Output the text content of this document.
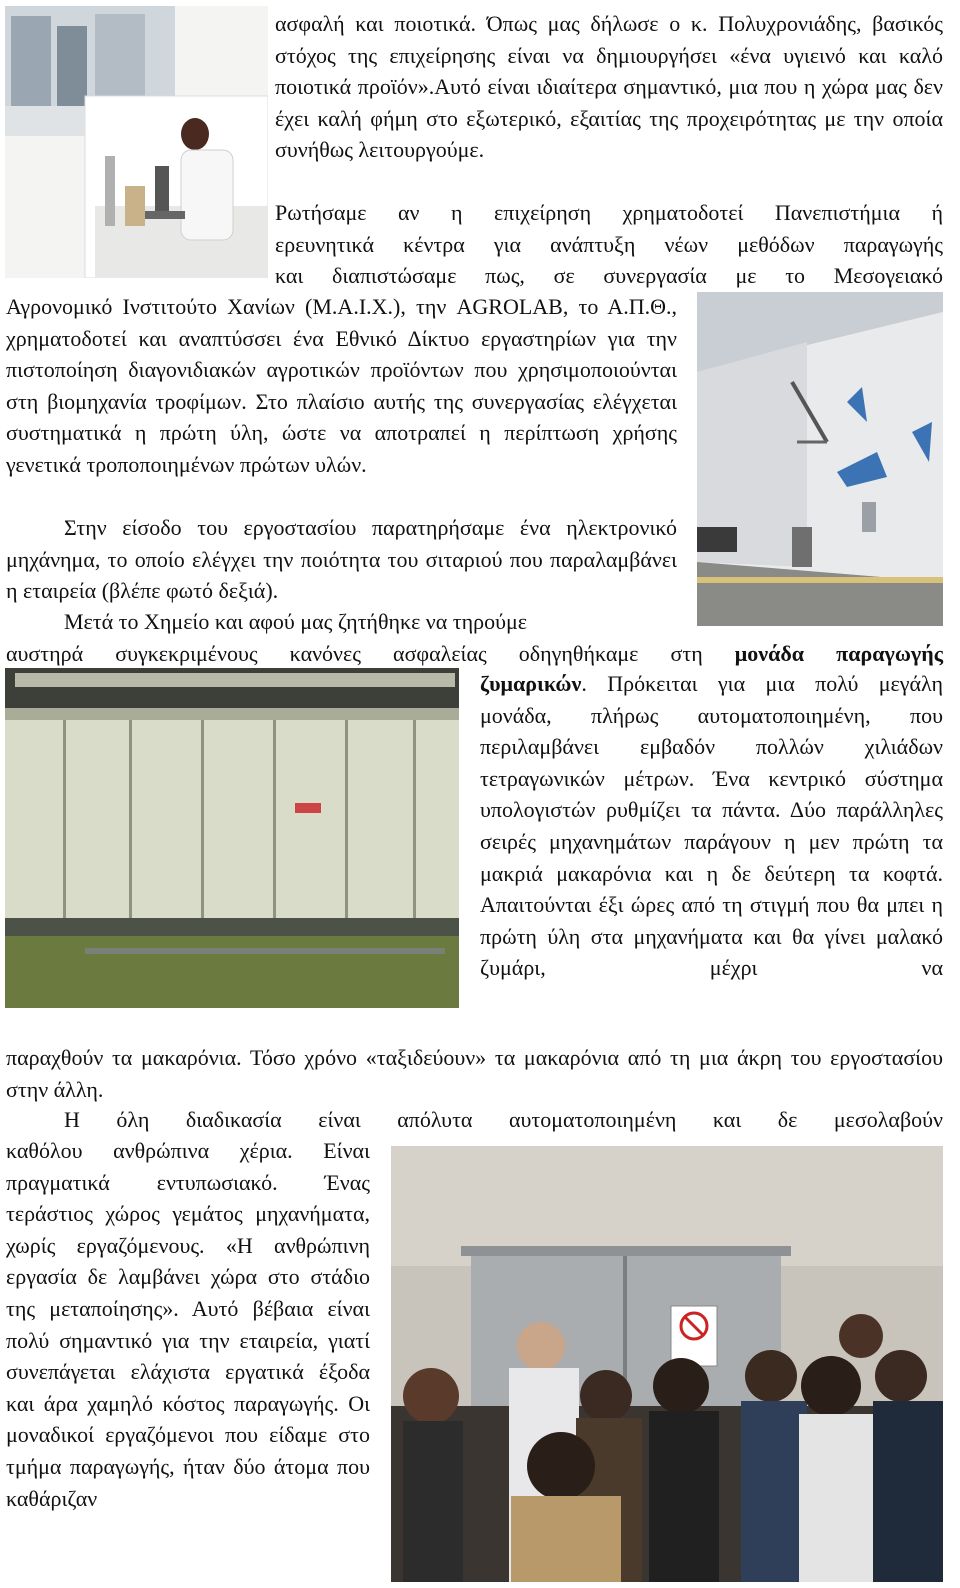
ασφαλή και ποιοτικά. Όπως μας δήλωσε ο κ. Πολυχρονιάδης, βασικός στόχος της επιχείρησης είναι να δημιουργήσει «ένα υγιεινό και καλό ποιοτικά προϊόν».Αυτό είναι ιδιαίτερα σημαντικό, μια που η χώρα μας δεν έχει καλή φήμη στο εξωτερικό, εξαιτίας της προχειρότητας με την οποία συνήθως λειτουργούμε.

Ρωτήσαμε αν η επιχείρηση χρηματοδοτεί Πανεπιστήμια ή
ερευνητικά κέντρα για ανάπτυξη νέων μεθόδων παραγωγής
και διαπιστώσαμε πως, σε συνεργασία με το Μεσογειακό

Αγρονομικό Ινστιτούτο Χανίων (Μ.Α.Ι.Χ.), την AGROLAB, το Α.Π.Θ., χρηματοδοτεί και αναπτύσσει ένα Εθνικό Δίκτυο εργαστηρίων για την πιστοποίηση διαγονιδιακών αγροτικών προϊόντων που χρησιμοποιούνται στη βιομηχανία τροφίμων. Στο πλαίσιο αυτής της συνεργασίας ελέγχεται συστηματικά η πρώτη ύλη, ώστε να αποτραπεί η περίπτωση χρήσης γενετικά τροποποιημένων πρώτων υλών.

Στην είσοδο του εργοστασίου παρατηρήσαμε ένα ηλεκτρονικό μηχάνημα, το οποίο ελέγχει την ποιότητα του σιταριού που παραλαμβάνει η εταιρεία (βλέπε φωτό δεξιά).

Μετά το Χημείο και αφού μας ζητήθηκε να τηρούμε
αυστηρά συγκεκριμένους κανόνες ασφαλείας οδηγηθήκαμε στη μονάδα παραγωγής

ζυμαρικών. Πρόκειται για μια πολύ μεγάλη μονάδα, πλήρως αυτοματοποιημένη, που περιλαμβάνει εμβαδόν πολλών χιλιάδων τετραγωνικών μέτρων. Ένα κεντρικό σύστημα υπολογιστών ρυθμίζει τα πάντα. Δύο παράλληλες σειρές μηχανημάτων παράγουν η μεν πρώτη τα μακριά μακαρόνια και η δε δεύτερη τα κοφτά. Απαιτούνται έξι ώρες από τη στιγμή που θα μπει η πρώτη ύλη στα μηχανήματα και θα γίνει μαλακό ζυμάρι, μέχρι να

παραχθούν τα μακαρόνια. Τόσο χρόνο «ταξιδεύουν» τα μακαρόνια από τη μια άκρη του εργοστασίου στην άλλη.

Η όλη διαδικασία είναι απόλυτα αυτοματοποιημένη και δε μεσολαβούν

καθόλου ανθρώπινα χέρια. Είναι πραγματικά εντυπωσιακό. Ένας τεράστιος χώρος γεμάτος μηχανήματα, χωρίς εργαζόμενους. «Η ανθρώπινη εργασία δε λαμβάνει χώρα στο στάδιο της μεταποίησης». Αυτό βέβαια είναι πολύ σημαντικό για την εταιρεία, γιατί συνεπάγεται ελάχιστα εργατικά έξοδα και άρα χαμηλό κόστος παραγωγής. Οι μοναδικοί εργαζόμενοι που είδαμε στο τμήμα παραγωγής, ήταν δύο άτομα που καθάριζαν
